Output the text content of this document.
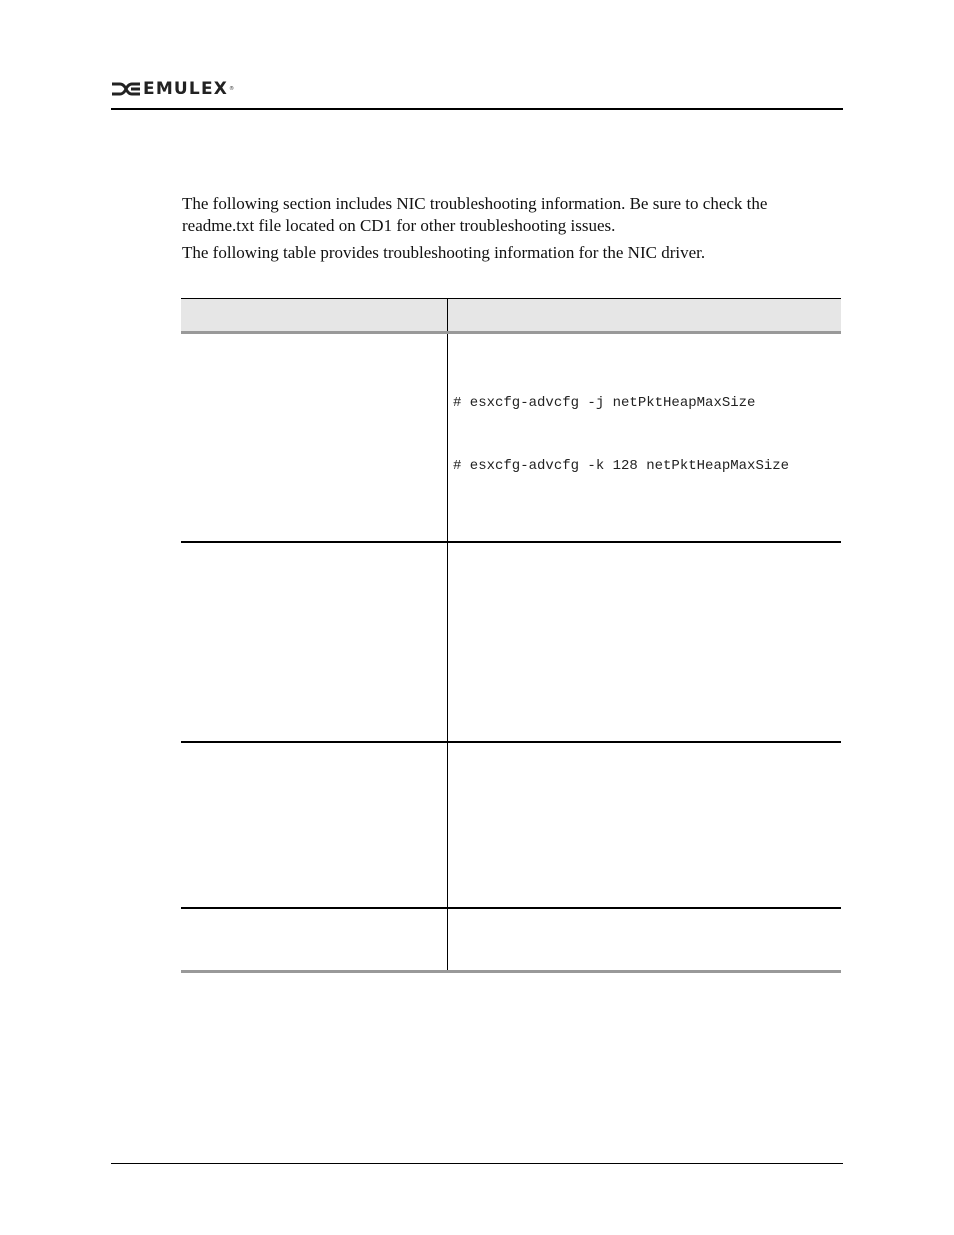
EMULEX ®

The following section includes NIC troubleshooting information. Be sure to check the readme.txt file located on CD1 for other troubleshooting issues.

The following table provides troubleshooting information for the NIC driver.

# esxcfg-advcfg -j netPktHeapMaxSize
# esxcfg-advcfg -k 128 netPktHeapMaxSize
